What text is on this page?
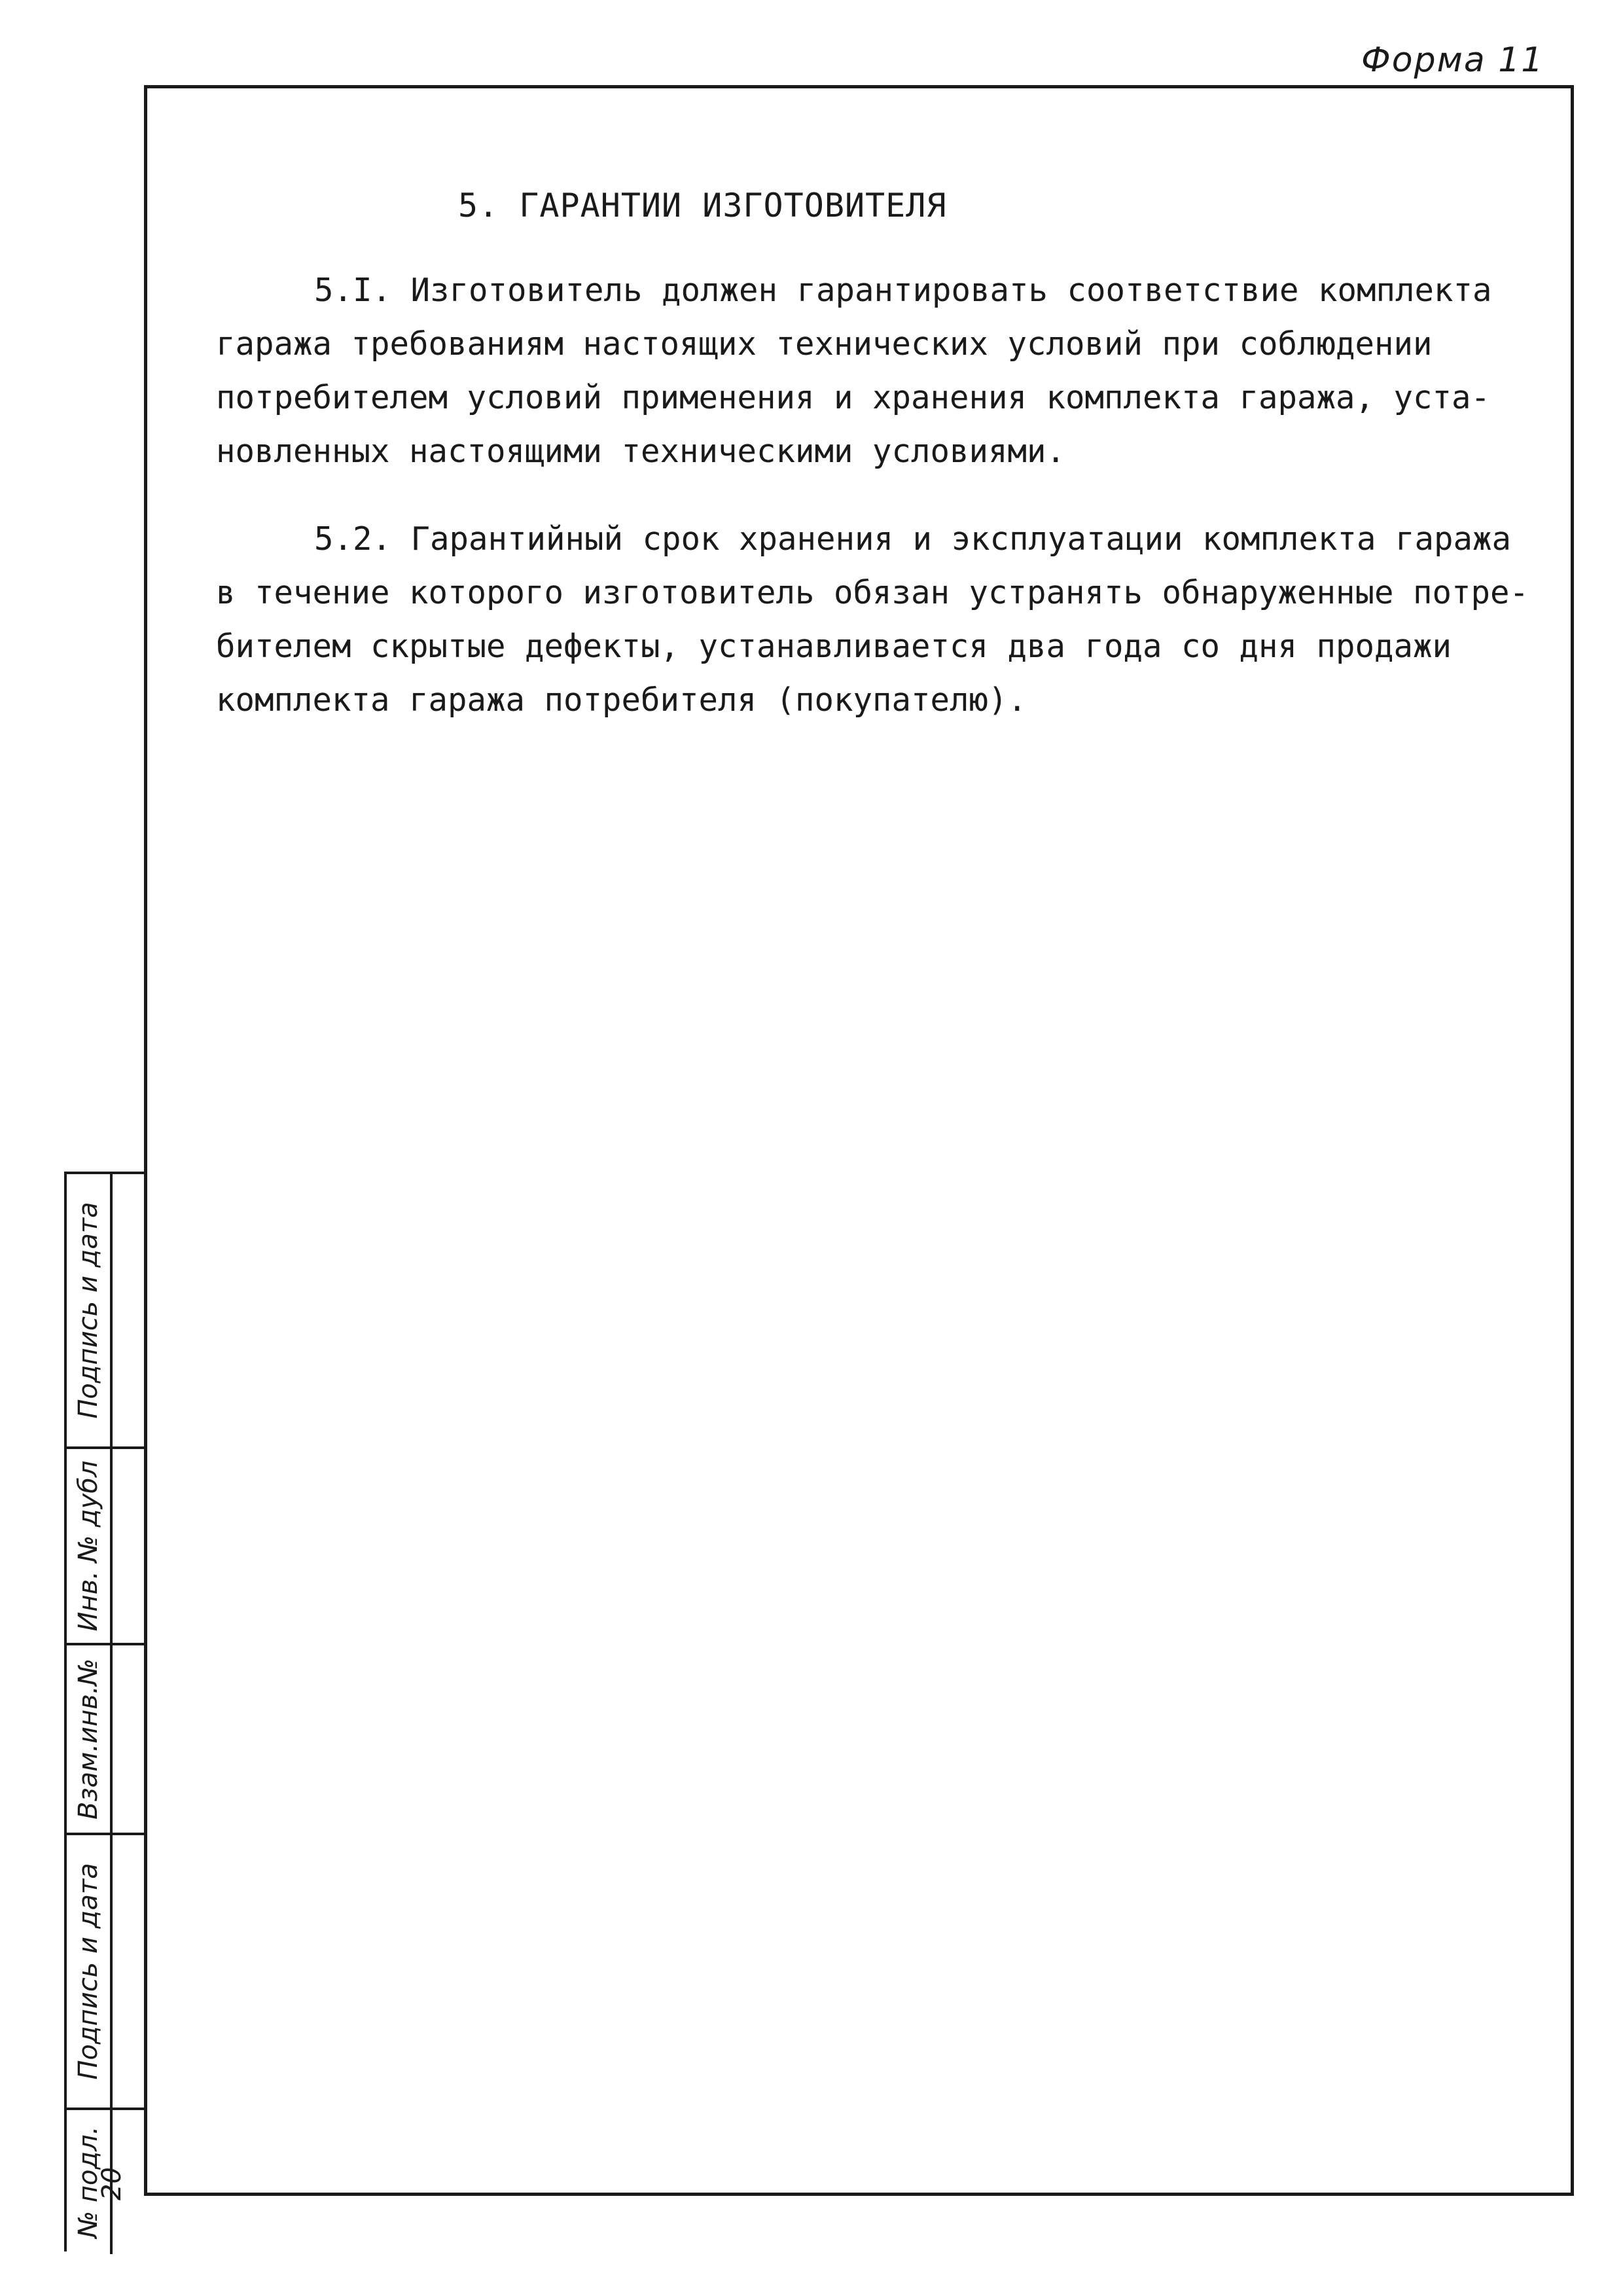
Форма 11
5. ГАРАНТИИ ИЗГОТОВИТЕЛЯ
5.I. Изготовитель должен гарантировать соответствие комплекта
гаража требованиям настоящих технических условий при соблюдении
потребителем условий применения и хранения комплекта гаража, уста-
новленных настоящими техническими условиями.
5.2. Гарантийный срок хранения и эксплуатации комплекта гаража
в течение которого изготовитель обязан устранять обнаруженные потре-
бителем скрытые дефекты, устанавливается два года со дня продажи
комплекта гаража потребителя (покупателю).
Подпись и дата
Инв. № дубл
Взам.инв.№
Подпись и дата
№ подл.
20
